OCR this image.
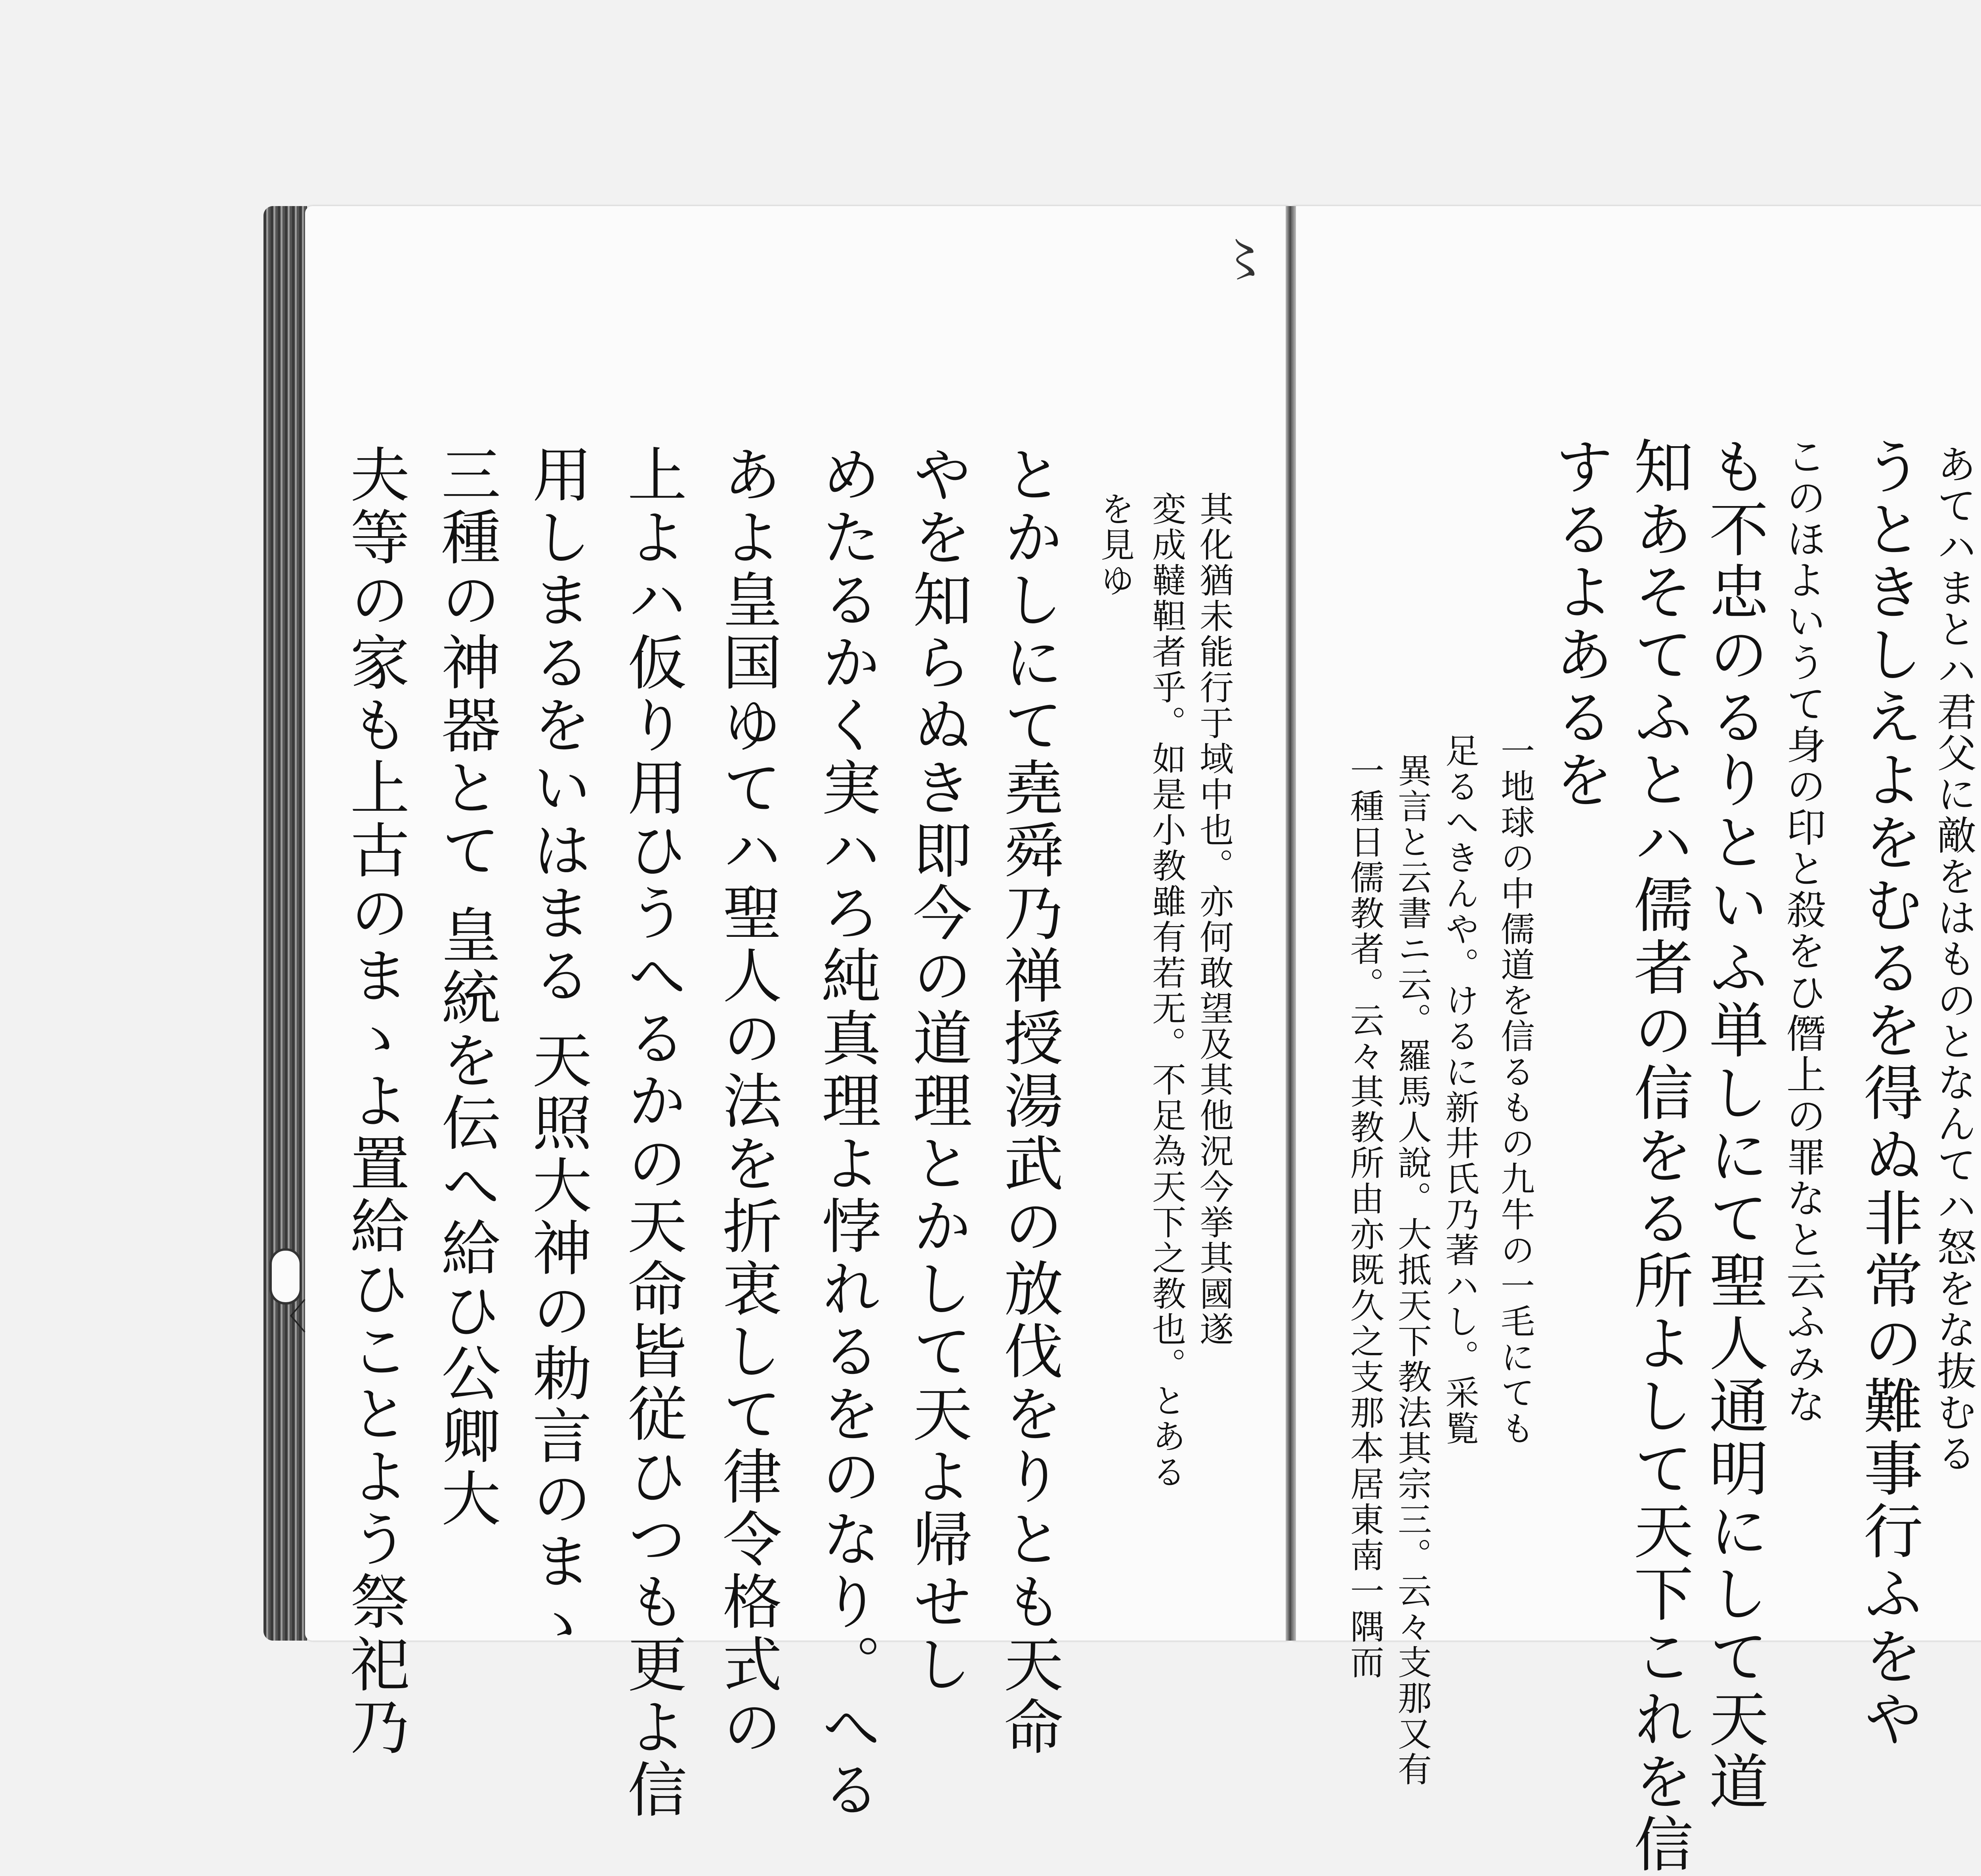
〈
〻
あてハまとハ君父に敵をはものとなんてハ怒をな抜むる
うときしえよをむるを得ぬ非常の難事行ふをや
このほよいうて身の印と殺をひ僭上の罪なと云ふみな
も不忠のるりといふ単しにて聖人通明にして天道
知あそてふとハ儒者の信をる所よして天下これを信
するよあるを
一地球の中儒道を信るもの九牛の一毛にても
足るへきんや。けるに新井氏乃著ハし。采覧
異言と云書ニ云。羅馬人說。大抵天下教法其宗三。云々支那又有
一種日儒教者。云々其教所由亦既久之支那本居東南一隅而
其化猶未能行于域中也。亦何敢望及其他況今挙其國遂
変成韃靼者乎。如是小教雖有若无。不足為天下之教也。とある
を見ゆ
とかしにて堯舜乃禅授湯武の放伐をりとも天命
やを知らぬき即今の道理とかして天よ帰せし
めたるかく実ハろ純真理よ悖れるをのなり。へる
あよ皇国ゆてハ聖人の法を折衷して律令格式の
上よハ仮り用ひうへるかの天命皆従ひつも更よ信
用しまるをいはまる 天照大神の勅言のまゝ
三種の神器とて 皇統を伝へ給ひ公卿大
夫等の家も上古のまゝよ置給ひことよう祭祀乃
